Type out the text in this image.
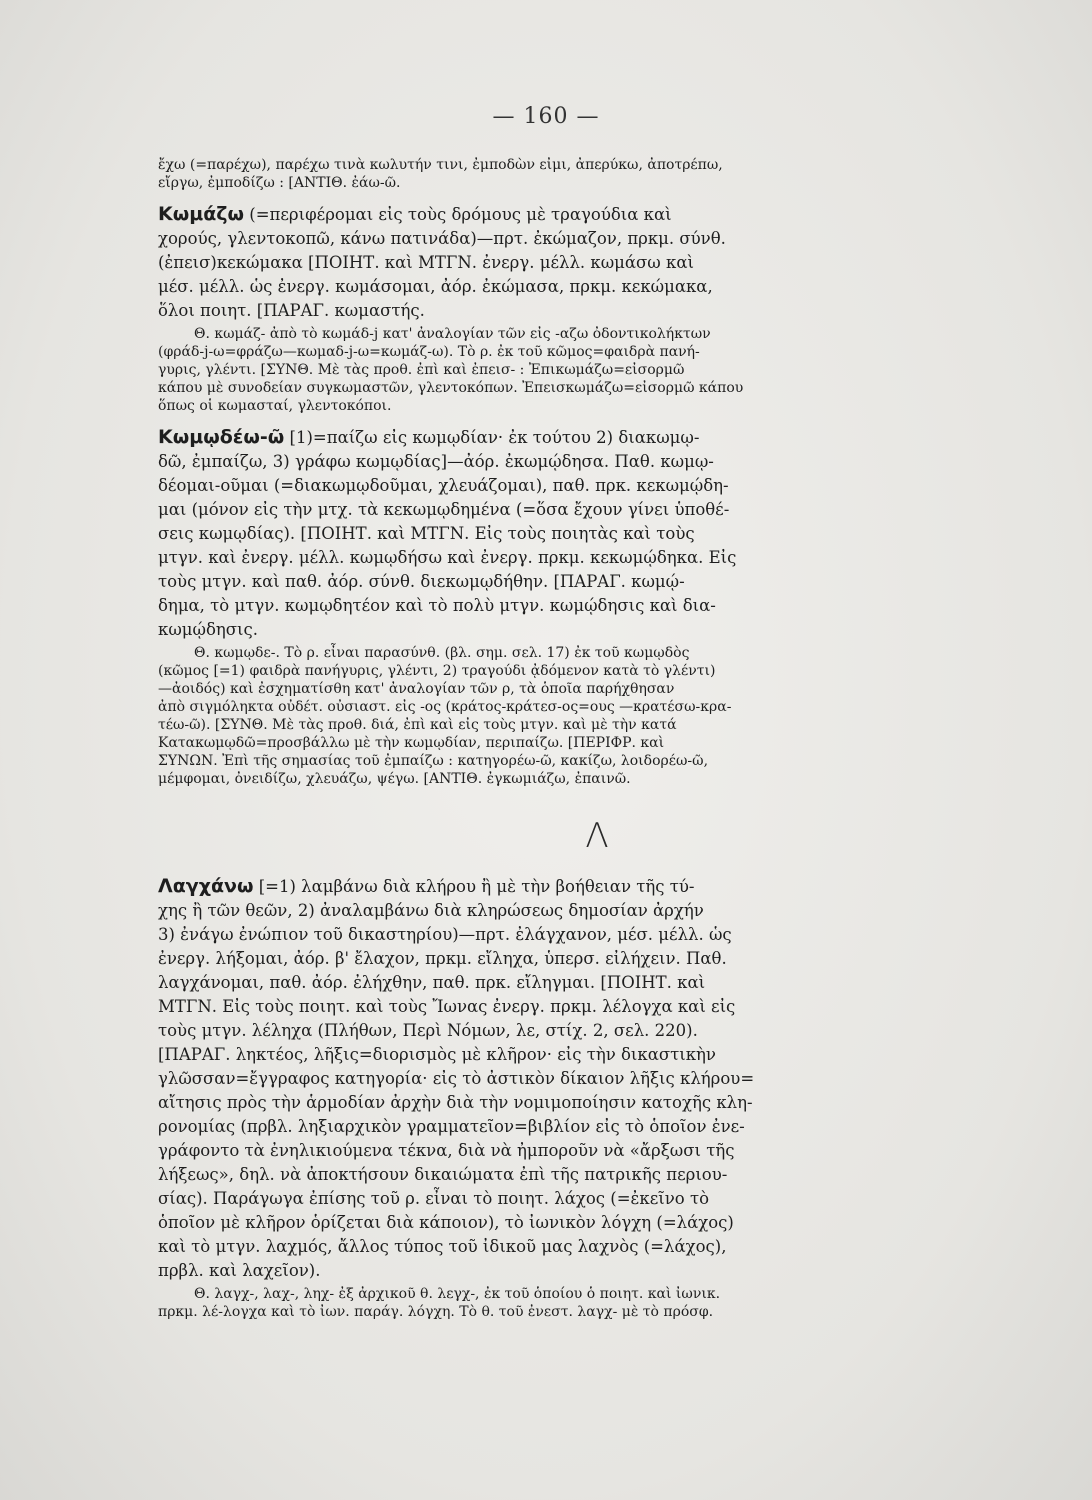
— 160 —

ἔχω (=παρέχω), παρέχω τινὰ κωλυτήν τινι, ἐμποδὼν εἰμι, ἀπερύκω, ἀποτρέπω,

εἴργω, ἐμποδίζω : [ΑΝΤΙΘ. ἐάω-ῶ.

Κωμάζω (=περιφέρομαι εἰς τοὺς δρόμους μὲ τραγούδια καὶ

χορούς, γλεντοκοπῶ, κάνω πατινάδα)—πρτ. ἐκώμαζον, πρκμ. σύνθ.

(ἐπεισ)κεκώμακα [ΠΟΙΗΤ. καὶ ΜΤΓΝ. ἐνεργ. μέλλ. κωμάσω καὶ

μέσ. μέλλ. ὡς ἐνεργ. κωμάσομαι, ἀόρ. ἐκώμασα, πρκμ. κεκώμακα,

ὅλοι ποιητ. [ΠΑΡΑΓ. κωμαστής.

Θ. κωμάζ- ἀπὸ τὸ κωμάδ-j κατ' ἀναλογίαν τῶν εἰς -αζω ὀδοντικολήκτων

(φράδ-j-ω=φράζω—κωμαδ-j-ω=κωμάζ-ω). Τὸ ρ. ἐκ τοῦ κῶμος=φαιδρὰ πανή-

γυρις, γλέντι. [ΣΥΝΘ. Μὲ τὰς προθ. ἐπὶ καὶ ἐπεισ- : Ἐπικωμάζω=εἰσορμῶ

κάπου μὲ συνοδείαν συγκωμαστῶν, γλεντοκόπων. Ἐπεισκωμάζω=εἰσορμῶ κάπου

ὅπως οἱ κωμασταί, γλεντοκόποι.

Κωμῳδέω-ῶ [1)=παίζω εἰς κωμῳδίαν· ἐκ τούτου 2) διακωμῳ-

δῶ, ἐμπαίζω, 3) γράφω κωμῳδίας]—ἀόρ. ἐκωμῴδησα. Παθ. κωμῳ-

δέομαι-οῦμαι (=διακωμῳδοῦμαι, χλευάζομαι), παθ. πρκ. κεκωμῴδη-

μαι (μόνον εἰς τὴν μτχ. τὰ κεκωμῳδημένα (=ὅσα ἔχουν γίνει ὑποθέ-

σεις κωμῳδίας). [ΠΟΙΗΤ. καὶ ΜΤΓΝ. Εἰς τοὺς ποιητὰς καὶ τοὺς

μτγν. καὶ ἐνεργ. μέλλ. κωμῳδήσω καὶ ἐνεργ. πρκμ. κεκωμῴδηκα. Εἰς

τοὺς μτγν. καὶ παθ. ἀόρ. σύνθ. διεκωμῳδήθην. [ΠΑΡΑΓ. κωμῴ-

δημα, τὸ μτγν. κωμῳδητέον καὶ τὸ πολὺ μτγν. κωμῴδησις καὶ δια-

κωμῴδησις.

Θ. κωμῳδε-. Τὸ ρ. εἶναι παρασύνθ. (βλ. σημ. σελ. 17) ἐκ τοῦ κωμῳδὸς

(κῶμος [=1) φαιδρὰ πανήγυρις, γλέντι, 2) τραγούδι ᾀδόμενον κατὰ τὸ γλέντι)

—ἀοιδός) καὶ ἐσχηματίσθη κατ' ἀναλογίαν τῶν ρ, τὰ ὁποῖα παρήχθησαν

ἀπὸ σιγμόληκτα οὐδέτ. οὐσιαστ. εἰς -ος (κράτος-κράτεσ-ος=ους —κρατέσω-κρα-

τέω-ῶ). [ΣΥΝΘ. Μὲ τὰς προθ. διά, ἐπὶ καὶ εἰς τοὺς μτγν. καὶ μὲ τὴν κατά

Κατακωμῳδῶ=προσβάλλω μὲ τὴν κωμῳδίαν, περιπαίζω. [ΠΕΡΙΦΡ. καὶ

ΣΥΝΩΝ. Ἐπὶ τῆς σημασίας τοῦ ἐμπαίζω : κατηγορέω-ῶ, κακίζω, λοιδορέω-ῶ,

μέμφομαι, ὀνειδίζω, χλευάζω, ψέγω. [ΑΝΤΙΘ. ἐγκωμιάζω, ἐπαινῶ.

Λ

Λαγχάνω [=1) λαμβάνω διὰ κλήρου ἢ μὲ τὴν βοήθειαν τῆς τύ-

χης ἢ τῶν θεῶν, 2) ἀναλαμβάνω διὰ κληρώσεως δημοσίαν ἀρχήν

3) ἐνάγω ἐνώπιον τοῦ δικαστηρίου)—πρτ. ἐλάγχανον, μέσ. μέλλ. ὡς

ἐνεργ. λήξομαι, ἀόρ. β' ἔλαχον, πρκμ. εἴληχα, ὑπερσ. εἰλήχειν. Παθ.

λαγχάνομαι, παθ. ἀόρ. ἐλήχθην, παθ. πρκ. εἴληγμαι. [ΠΟΙΗΤ. καὶ

ΜΤΓΝ. Εἰς τοὺς ποιητ. καὶ τοὺς Ἴωνας ἐνεργ. πρκμ. λέλογχα καὶ εἰς

τοὺς μτγν. λέληχα (Πλήθων, Περὶ Νόμων, λε, στίχ. 2, σελ. 220).

[ΠΑΡΑΓ. ληκτέος, λῆξις=διορισμὸς μὲ κλῆρον· εἰς τὴν δικαστικὴν

γλῶσσαν=ἔγγραφος κατηγορία· εἰς τὸ ἀστικὸν δίκαιον λῆξις κλήρου=

αἴτησις πρὸς τὴν ἁρμοδίαν ἀρχὴν διὰ τὴν νομιμοποίησιν κατοχῆς κλη-

ρονομίας (πρβλ. ληξιαρχικὸν γραμματεῖον=βιβλίον εἰς τὸ ὁποῖον ἐνε-

γράφοντο τὰ ἐνηλικιούμενα τέκνα, διὰ νὰ ἠμποροῦν νὰ «ἄρξωσι τῆς

λήξεως», δηλ. νὰ ἀποκτήσουν δικαιώματα ἐπὶ τῆς πατρικῆς περιου-

σίας). Παράγωγα ἐπίσης τοῦ ρ. εἶναι τὸ ποιητ. λάχος (=ἐκεῖνο τὸ

ὁποῖον μὲ κλῆρον ὁρίζεται διὰ κάποιον), τὸ ἰωνικὸν λόγχη (=λάχος)

καὶ τὸ μτγν. λαχμός, ἄλλος τύπος τοῦ ἰδικοῦ μας λαχνὸς (=λάχος),

πρβλ. καὶ λαχεῖον).

Θ. λαγχ-, λαχ-, ληχ- ἐξ ἀρχικοῦ θ. λεγχ-, ἐκ τοῦ ὁποίου ὁ ποιητ. καὶ ἰωνικ.

πρκμ. λέ-λογχα καὶ τὸ ἰων. παράγ. λόγχη. Τὸ θ. τοῦ ἐνεστ. λαγχ- μὲ τὸ πρόσφ.
